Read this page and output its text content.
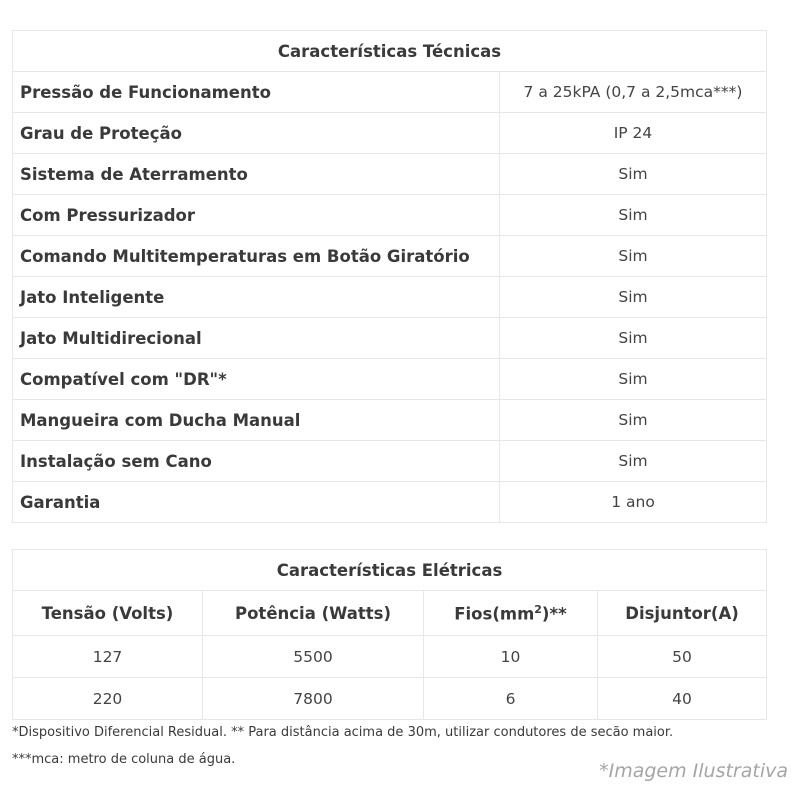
Características Técnicas	
Pressão de Funcionamento	7 a 25kPA (0,7 a 2,5mca***)
Grau de Proteção	IP 24
Sistema de Aterramento	Sim
Com Pressurizador	Sim
Comando Multitemperaturas em Botão Giratório	Sim
Jato Inteligente	Sim
Jato Multidirecional	Sim
Compatível com "DR"*	Sim
Mangueira com Ducha Manual	Sim
Instalação sem Cano	Sim
Garantia	1 ano
Características Elétricas			
Tensão (Volts)	Potência (Watts)	$Fios(mm^2)**$	Disjuntor(A)
127	5500	10	50
220	7800	6	40
*Dispositivo Diferencial Residual. ** Para distância acima de 30m, utilizar condutores de secão maior.
***mca: metro de coluna de água.
*Imagem Ilustrativa
